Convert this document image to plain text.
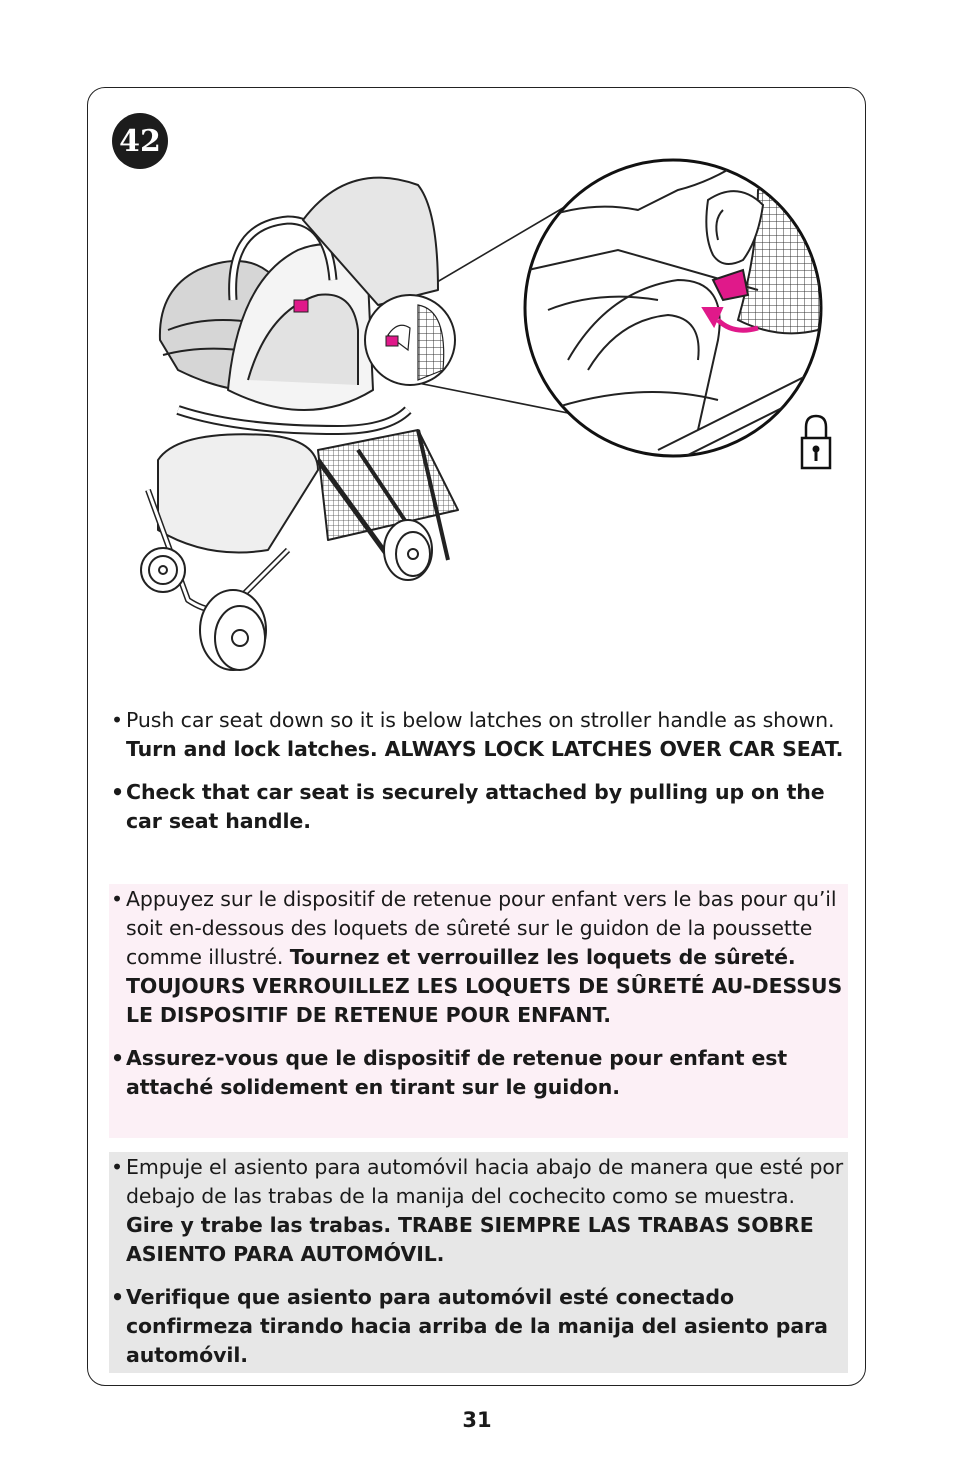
42

• Push car seat down so it is below latches on stroller handle as shown. Turn and lock latches. ALWAYS LOCK LATCHES OVER CAR SEAT.

• Check that car seat is securely attached by pulling up on the car seat handle.

• Appuyez sur le dispositif de retenue pour enfant vers le bas pour qu’il soit en-dessous des loquets de sûreté sur le guidon de la poussette comme illustré. Tournez et verrouillez les loquets de sûreté. TOUJOURS VERROUILLEZ LES LOQUETS DE SÛRETÉ AU-DESSUS LE DISPOSITIF DE RETENUE POUR ENFANT.

• Assurez-vous que le dispositif de retenue pour enfant est attaché solidement en tirant sur le guidon.

• Empuje el asiento para automóvil hacia abajo de manera que esté por debajo de las trabas de la manija del cochecito como se muestra. Gire y trabe las trabas. TRABE SIEMPRE LAS TRABAS SOBRE ASIENTO PARA AUTOMÓVIL.

• Verifique que asiento para automóvil esté conectado confirmeza tirando hacia arriba de la manija del asiento para automóvil.

31
